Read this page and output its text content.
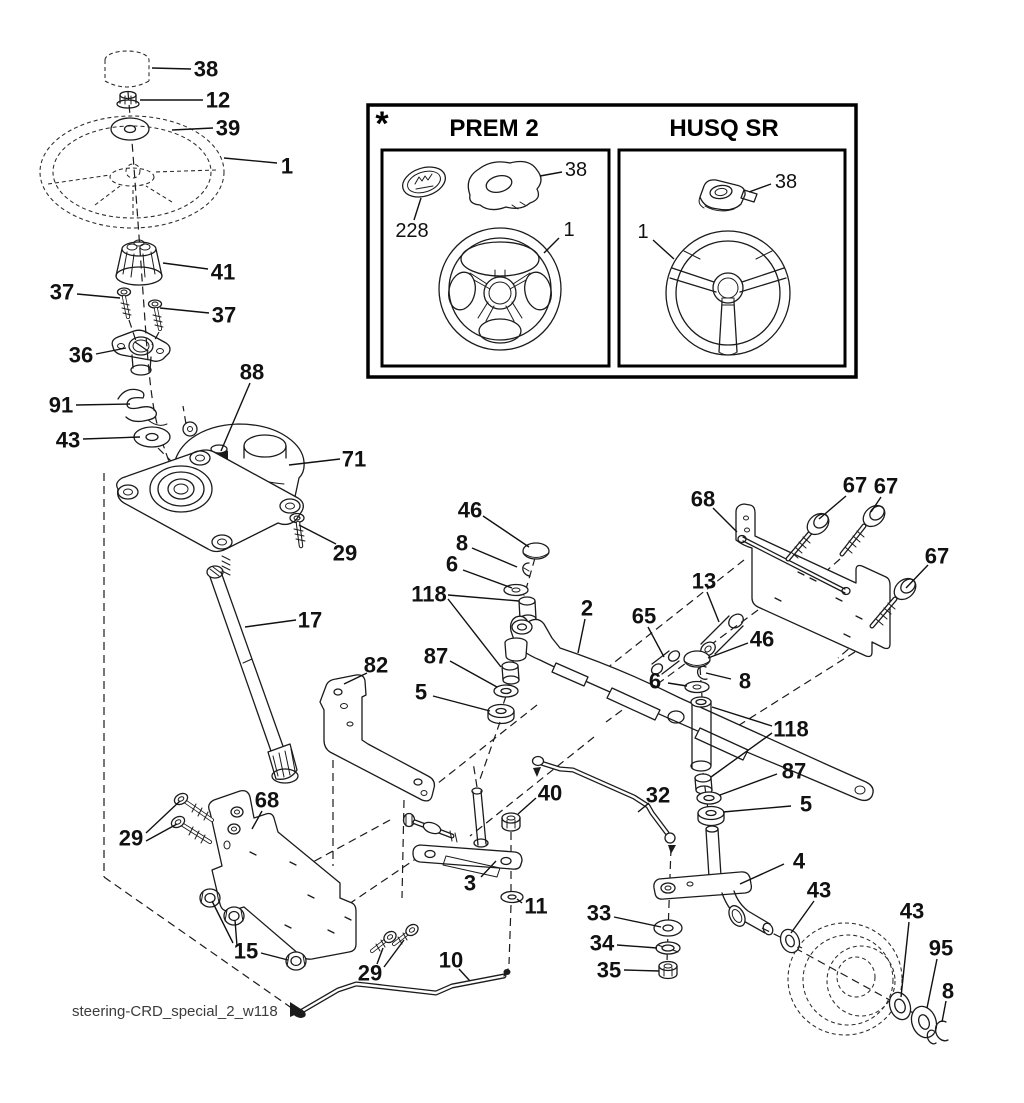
*	PREM 2	HUSQ SR
steering-CRD_special_2_w118
38
12
39
1
41
37
37
36
91
43
88
71
29
17
82
46
8
6
118
2 65
13
46
6	8
68
67 67
67
118
87
5
87
5
40	32
3
11 33
34
35
4
43
43
95
8
29
68
15
29
10
228
38
1
38
1
